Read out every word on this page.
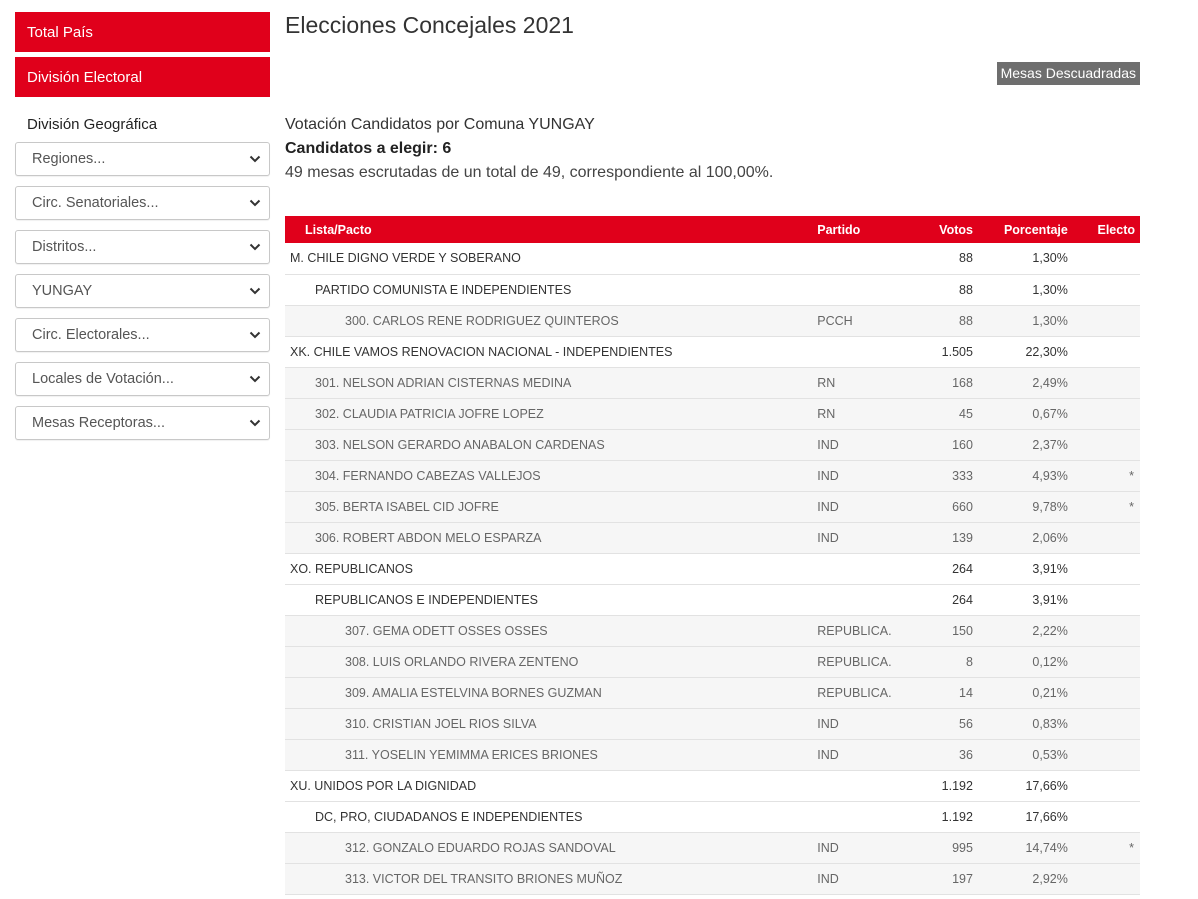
Total País
División Electoral
División Geográfica
Regiones...
Circ. Senatoriales...
Distritos...
YUNGAY
Circ. Electorales...
Locales de Votación...
Mesas Receptoras...
Elecciones Concejales 2021
Mesas Descuadradas
Votación Candidatos por Comuna YUNGAY
Candidatos a elegir: 6
49 mesas escrutadas de un total de 49, correspondiente al 100,00%.
Lista/Pacto	Partido	Votos	Porcentaje	Electo
M. CHILE DIGNO VERDE Y SOBERANO		88	1,30%	
PARTIDO COMUNISTA E INDEPENDIENTES		88	1,30%	
300. CARLOS RENE RODRIGUEZ QUINTEROS	PCCH	88	1,30%	
XK. CHILE VAMOS RENOVACION NACIONAL - INDEPENDIENTES		1.505	22,30%	
301. NELSON ADRIAN CISTERNAS MEDINA	RN	168	2,49%	
302. CLAUDIA PATRICIA JOFRE LOPEZ	RN	45	0,67%	
303. NELSON GERARDO ANABALON CARDENAS	IND	160	2,37%	
304. FERNANDO CABEZAS VALLEJOS	IND	333	4,93%	*
305. BERTA ISABEL CID JOFRE	IND	660	9,78%	*
306. ROBERT ABDON MELO ESPARZA	IND	139	2,06%	
XO. REPUBLICANOS		264	3,91%	
REPUBLICANOS E INDEPENDIENTES		264	3,91%	
307. GEMA ODETT OSSES OSSES	REPUBLICA.	150	2,22%	
308. LUIS ORLANDO RIVERA ZENTENO	REPUBLICA.	8	0,12%	
309. AMALIA ESTELVINA BORNES GUZMAN	REPUBLICA.	14	0,21%	
310. CRISTIAN JOEL RIOS SILVA	IND	56	0,83%	
311. YOSELIN YEMIMMA ERICES BRIONES	IND	36	0,53%	
XU. UNIDOS POR LA DIGNIDAD		1.192	17,66%	
DC, PRO, CIUDADANOS E INDEPENDIENTES		1.192	17,66%	
312. GONZALO EDUARDO ROJAS SANDOVAL	IND	995	14,74%	*
313. VICTOR DEL TRANSITO BRIONES MUÑOZ	IND	197	2,92%	
